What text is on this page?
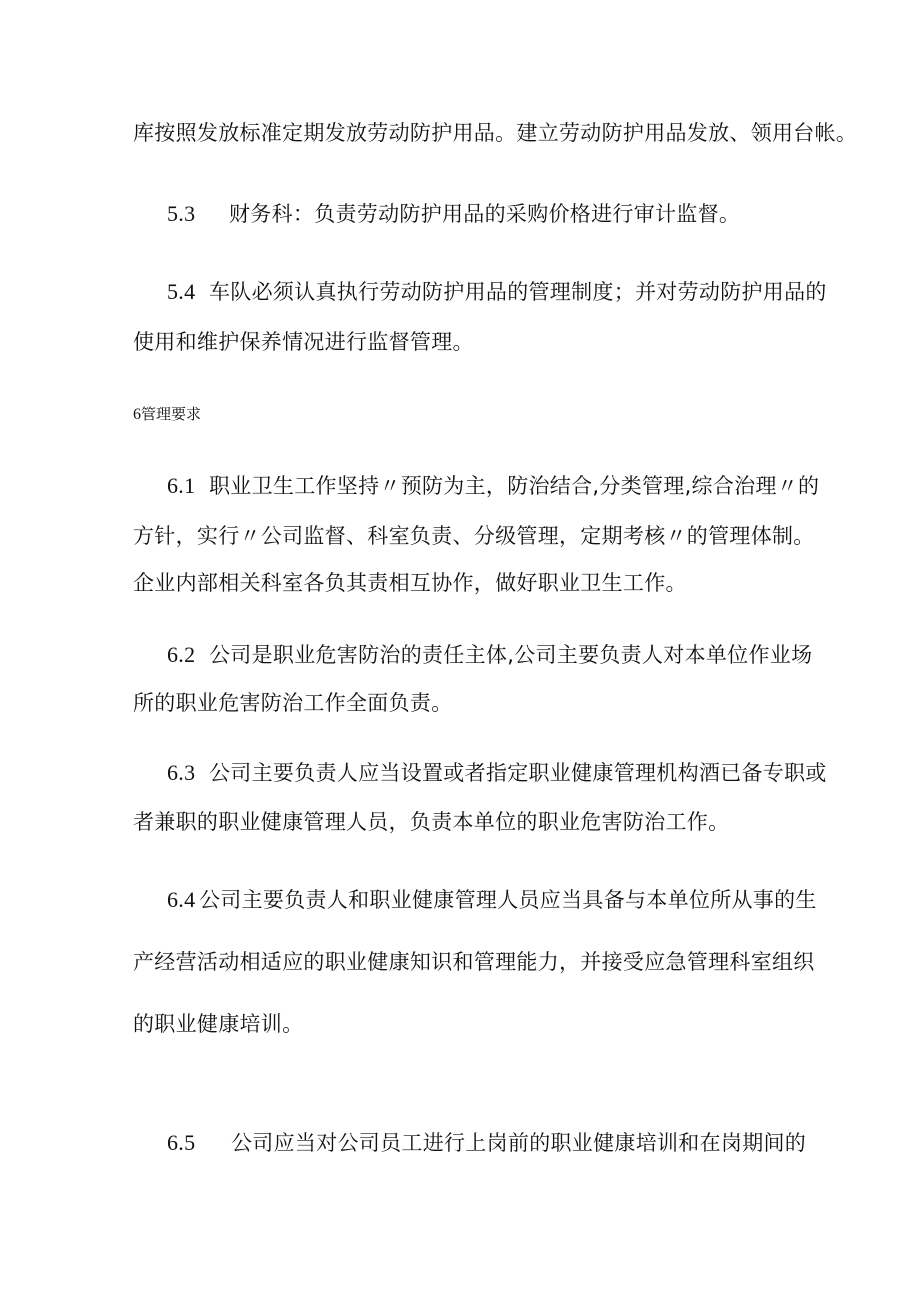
库按照发放标准定期发放劳动防护用品。建立劳动防护用品发放、领用台帐。
5.3 财务科：负责劳动防护用品的采购价格进行审计监督。
5.4 车队必须认真执行劳动防护用品的管理制度；并对劳动防护用品的
使用和维护保养情况进行监督管理。
6管理要求
6.1 职业卫生工作坚持〃预防为主，防治结合,分类管理,综合治理〃的
方针，实行〃公司监督、科室负责、分级管理，定期考核〃的管理体制。
企业内部相关科室各负其责相互协作，做好职业卫生工作。
6.2 公司是职业危害防治的责任主体,公司主要负责人对本单位作业场
所的职业危害防治工作全面负责。
6.3 公司主要负责人应当设置或者指定职业健康管理机构酒已备专职或
者兼职的职业健康管理人员，负责本单位的职业危害防治工作。
6.4 公司主要负责人和职业健康管理人员应当具备与本单位所从事的生
产经营活动相适应的职业健康知识和管理能力，并接受应急管理科室组织
的职业健康培训。
6.5 公司应当对公司员工进行上岗前的职业健康培训和在岗期间的
